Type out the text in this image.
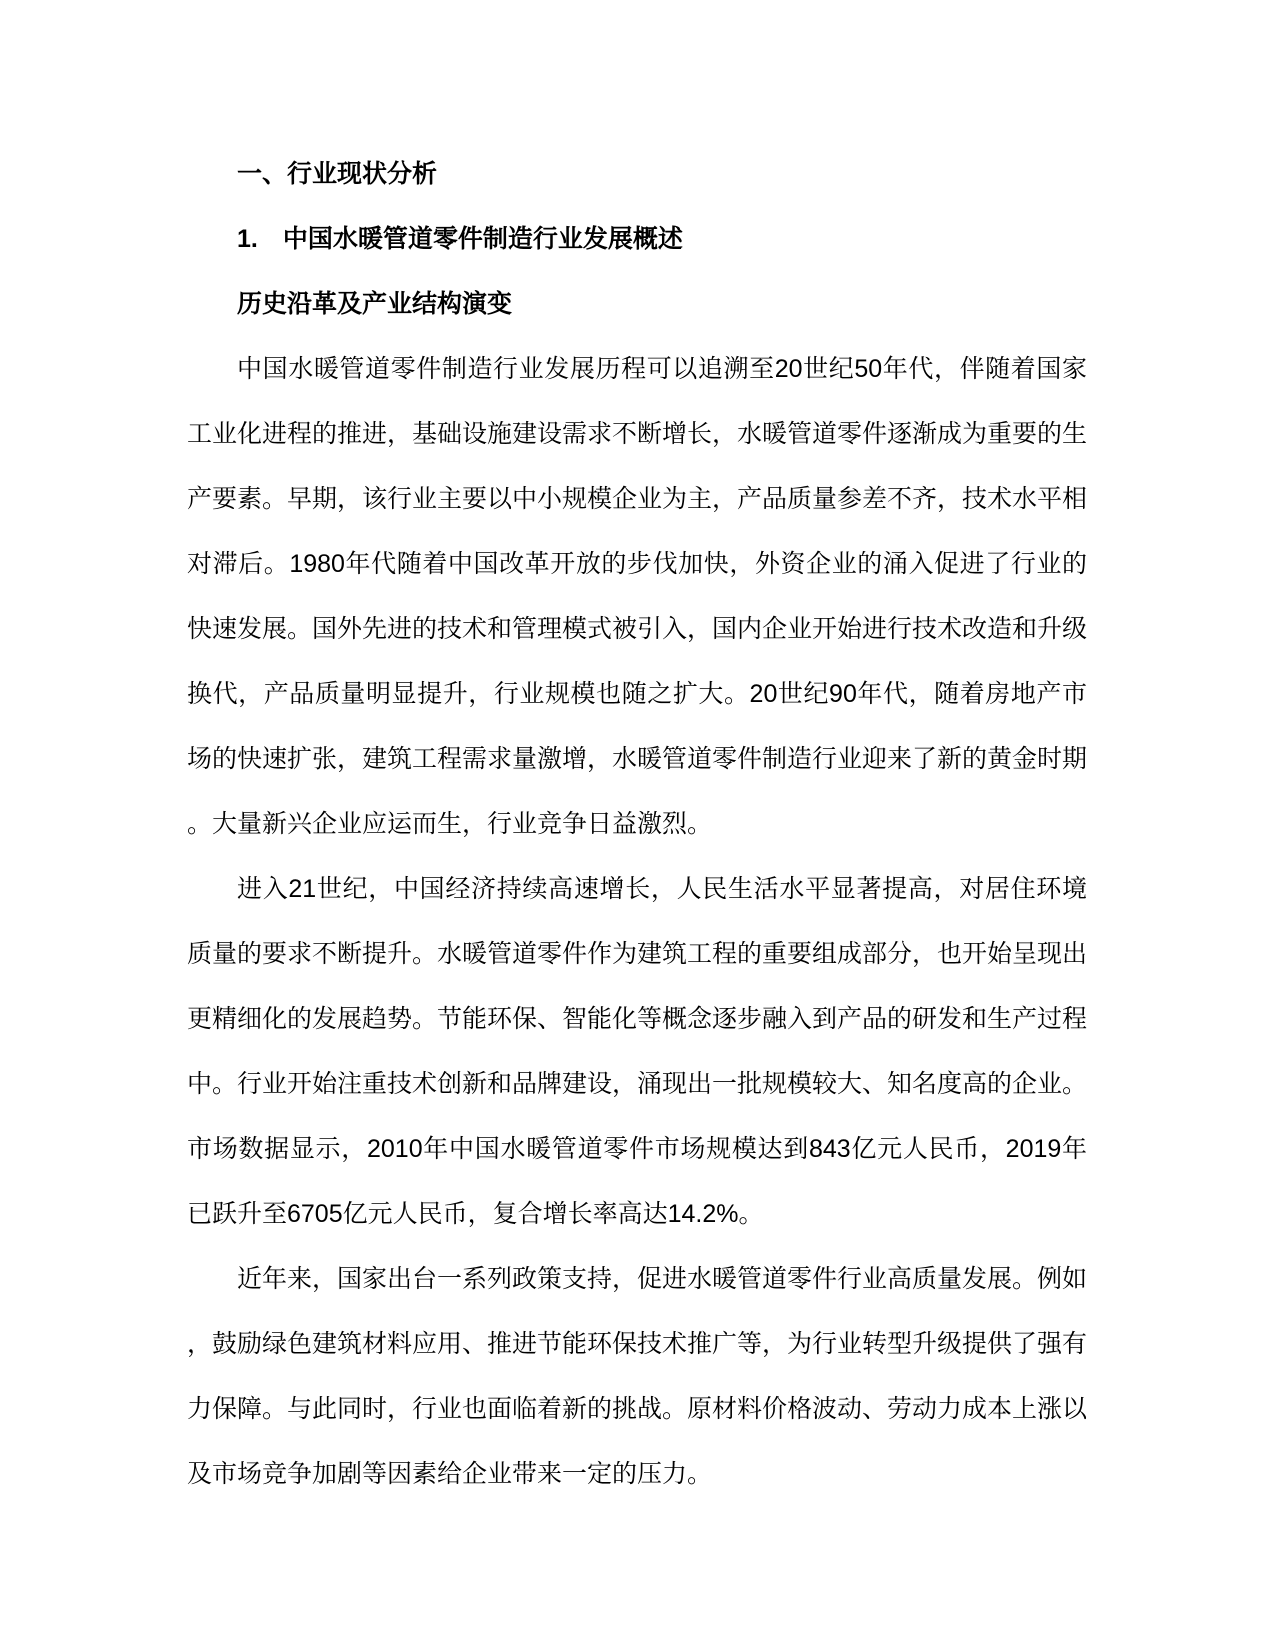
一、行业现状分析
1.　中国水暖管道零件制造行业发展概述
历史沿革及产业结构演变
中国水暖管道零件制造行业发展历程可以追溯至20世纪50年代，伴随着国家
工业化进程的推进，基础设施建设需求不断增长，水暖管道零件逐渐成为重要的生
产要素。早期，该行业主要以中小规模企业为主，产品质量参差不齐，技术水平相
对滞后。1980年代随着中国改革开放的步伐加快，外资企业的涌入促进了行业的
快速发展。国外先进的技术和管理模式被引入，国内企业开始进行技术改造和升级
换代，产品质量明显提升，行业规模也随之扩大。20世纪90年代，随着房地产市
场的快速扩张，建筑工程需求量激增，水暖管道零件制造行业迎来了新的黄金时期
。大量新兴企业应运而生，行业竞争日益激烈。
进入21世纪，中国经济持续高速增长，人民生活水平显著提高，对居住环境
质量的要求不断提升。水暖管道零件作为建筑工程的重要组成部分，也开始呈现出
更精细化的发展趋势。节能环保、智能化等概念逐步融入到产品的研发和生产过程
中。行业开始注重技术创新和品牌建设，涌现出一批规模较大、知名度高的企业。
市场数据显示，2010年中国水暖管道零件市场规模达到843亿元人民币，2019年
已跃升至6705亿元人民币，复合增长率高达14.2%。
近年来，国家出台一系列政策支持，促进水暖管道零件行业高质量发展。例如
，鼓励绿色建筑材料应用、推进节能环保技术推广等，为行业转型升级提供了强有
力保障。与此同时，行业也面临着新的挑战。原材料价格波动、劳动力成本上涨以
及市场竞争加剧等因素给企业带来一定的压力。
